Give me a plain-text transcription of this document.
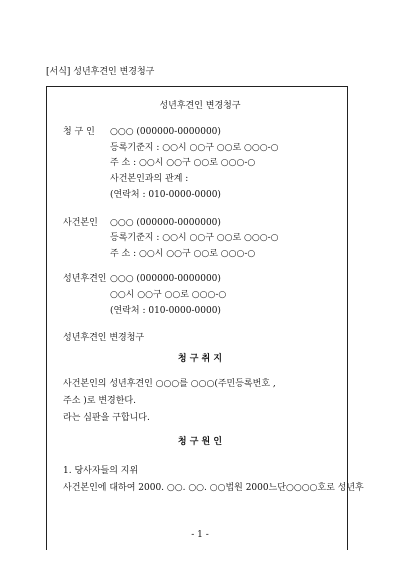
[서식] 성년후견인 변경청구
성년후견인 변경청구
청 구 인 ○○○ (000000-0000000)
등록기준지 : ○○시 ○○구 ○○로 ○○○-○
주 소 : ○○시 ○○구 ○○로 ○○○-○
사건본인과의 관계 :
(연락처 : 010-0000-0000)
사건본인 ○○○ (000000-0000000)
등록기준지 : ○○시 ○○구 ○○로 ○○○-○
주 소 : ○○시 ○○구 ○○로 ○○○-○
성년후견인 ○○○ (000000-0000000)
○○시 ○○구 ○○로 ○○○-○
(연락처 : 010-0000-0000)
성년후견인 변경청구
청 구 취 지
사건본인의 성년후견인 ○○○를 ○○○(주민등록번호 ,
주소 )로 변경한다.
라는 심판을 구합니다.
청 구 원 인
1. 당사자들의 지위
사건본인에 대하여 2000. ○○. ○○. ○○법원 2000느단○○○○호로 성년후
- 1 -
